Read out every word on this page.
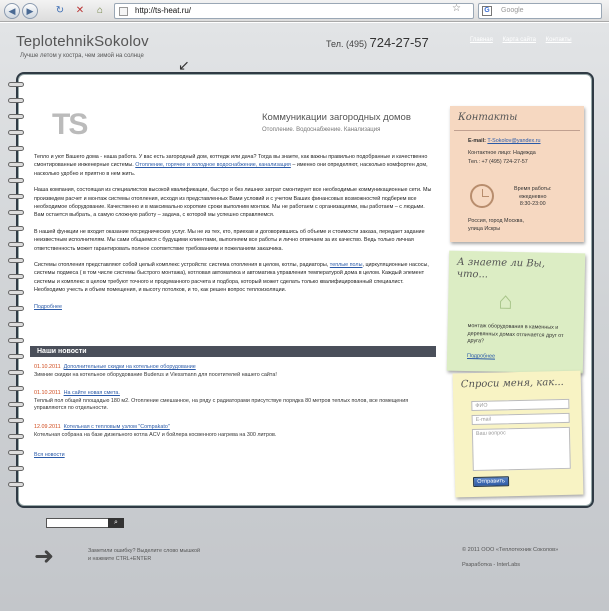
◀	▶	↻ ✕ ⌂	http://ts-heat.ru/	☆	G	Google
TeplotehnikSokolov
Лучше летом у костра, чем зимой на солнце
↙
Тел. (495) 724-27-57	Главная Карта сайта Контакты
TS	Коммуникации загородных домов
Отопление. Водоснабжение. Канализация

Тепло и уют Вашего дома - наша работа. У вас есть загородный дом, коттедж или дача? Тогда вы знаете, как важны правильно подобранные и качественно смонтированные инженерные системы. Отопление, горячее и холодное водоснабжение, канализация – именно они определяют, насколько комфортен дом, насколько удобно и приятно в нем жить.

Наша компания, состоящая из специалистов высокой квалификации, быстро и без лишних затрат смонтирует все необходимые коммуникационные сети. Мы произведем расчет и монтаж системы отопления, исходя из представленных Вами условий и с учетом Ваших финансовых возможностей подберем все необходимое оборудование. Качественно и в максимально короткие сроки выполним монтаж. Мы не работаем с организациями, мы работаем – с людьми. Вам остается выбрать, а самую сложную работу – задача, с которой мы успешно справляемся.

В нашей функции не входит оказание посреднических услуг. Мы не из тех, кто, приехав и договорившись об объеме и стоимости заказа, передает задание неизвестным исполнителям. Мы сами общаемся с будущими клиентами, выполняем все работы и лично отвечаем за их качество. Ведь только личная ответственность может гарантировать полное соответствие требованиям и пожеланиям заказчика.

Системы отопления представляют собой целый комплекс устройств: система отопления в целом, котлы, радиаторы, теплые полы, циркуляционные насосы, системы подмеса ( в том числе системы быстрого монтажа), котловая автоматика и автоматика управления температурой дома в целом. Каждый элемент системы и комплекс в целом требуют точного и продуманного расчета и подбора, который может сделать только квалифицированный специалист. Необходимо учесть и объем помещения, и высоту потолков, и то, как решен вопрос теплоизоляции.

Подробнее
Наши новости
01.10.2011 Дополнительные скидки на котельное оборудование
Зимние скидки на котельное оборудование Buderus и Viessmann для посетителей нашего сайта!
01.10.2011 На сайте новая смета.
Теплый пол общей площадью 180 м2. Отопление смешанное, на ряду с радиаторами присутствуе порядка 80 метров теплых полов, все помещения управляются по отдельности.
12.09.2011 Котельная с тепловым узлом "Compakato"
Котельная собрана на базе дизельного котла ACV и бойлера косвенного нагрева на 300 литров.
Вся новости
Контакты
E-mail: T-Sokolov@yandex.ru
Контактное лицо: Надежда
Тел.: +7 (495) 724-27-57
Время работы:
ежедневно
8:30-23:00
Россия, город Москва,
улица Искры
А знаете ли Вы, что...
⌂
монтаж оборудования в каменных и деревянных домах отличается друг от друга?
Подробнее
Спроси меня, как...
ФИО
E-mail
Ваш вопрос
Отправить
⌕
➜	Заметили ошибку? Выделите слово мышкой
и нажмите CTRL+ENTER
© 2011 ООО «Теплотехник Соколов»
Разработка - InterLabs
